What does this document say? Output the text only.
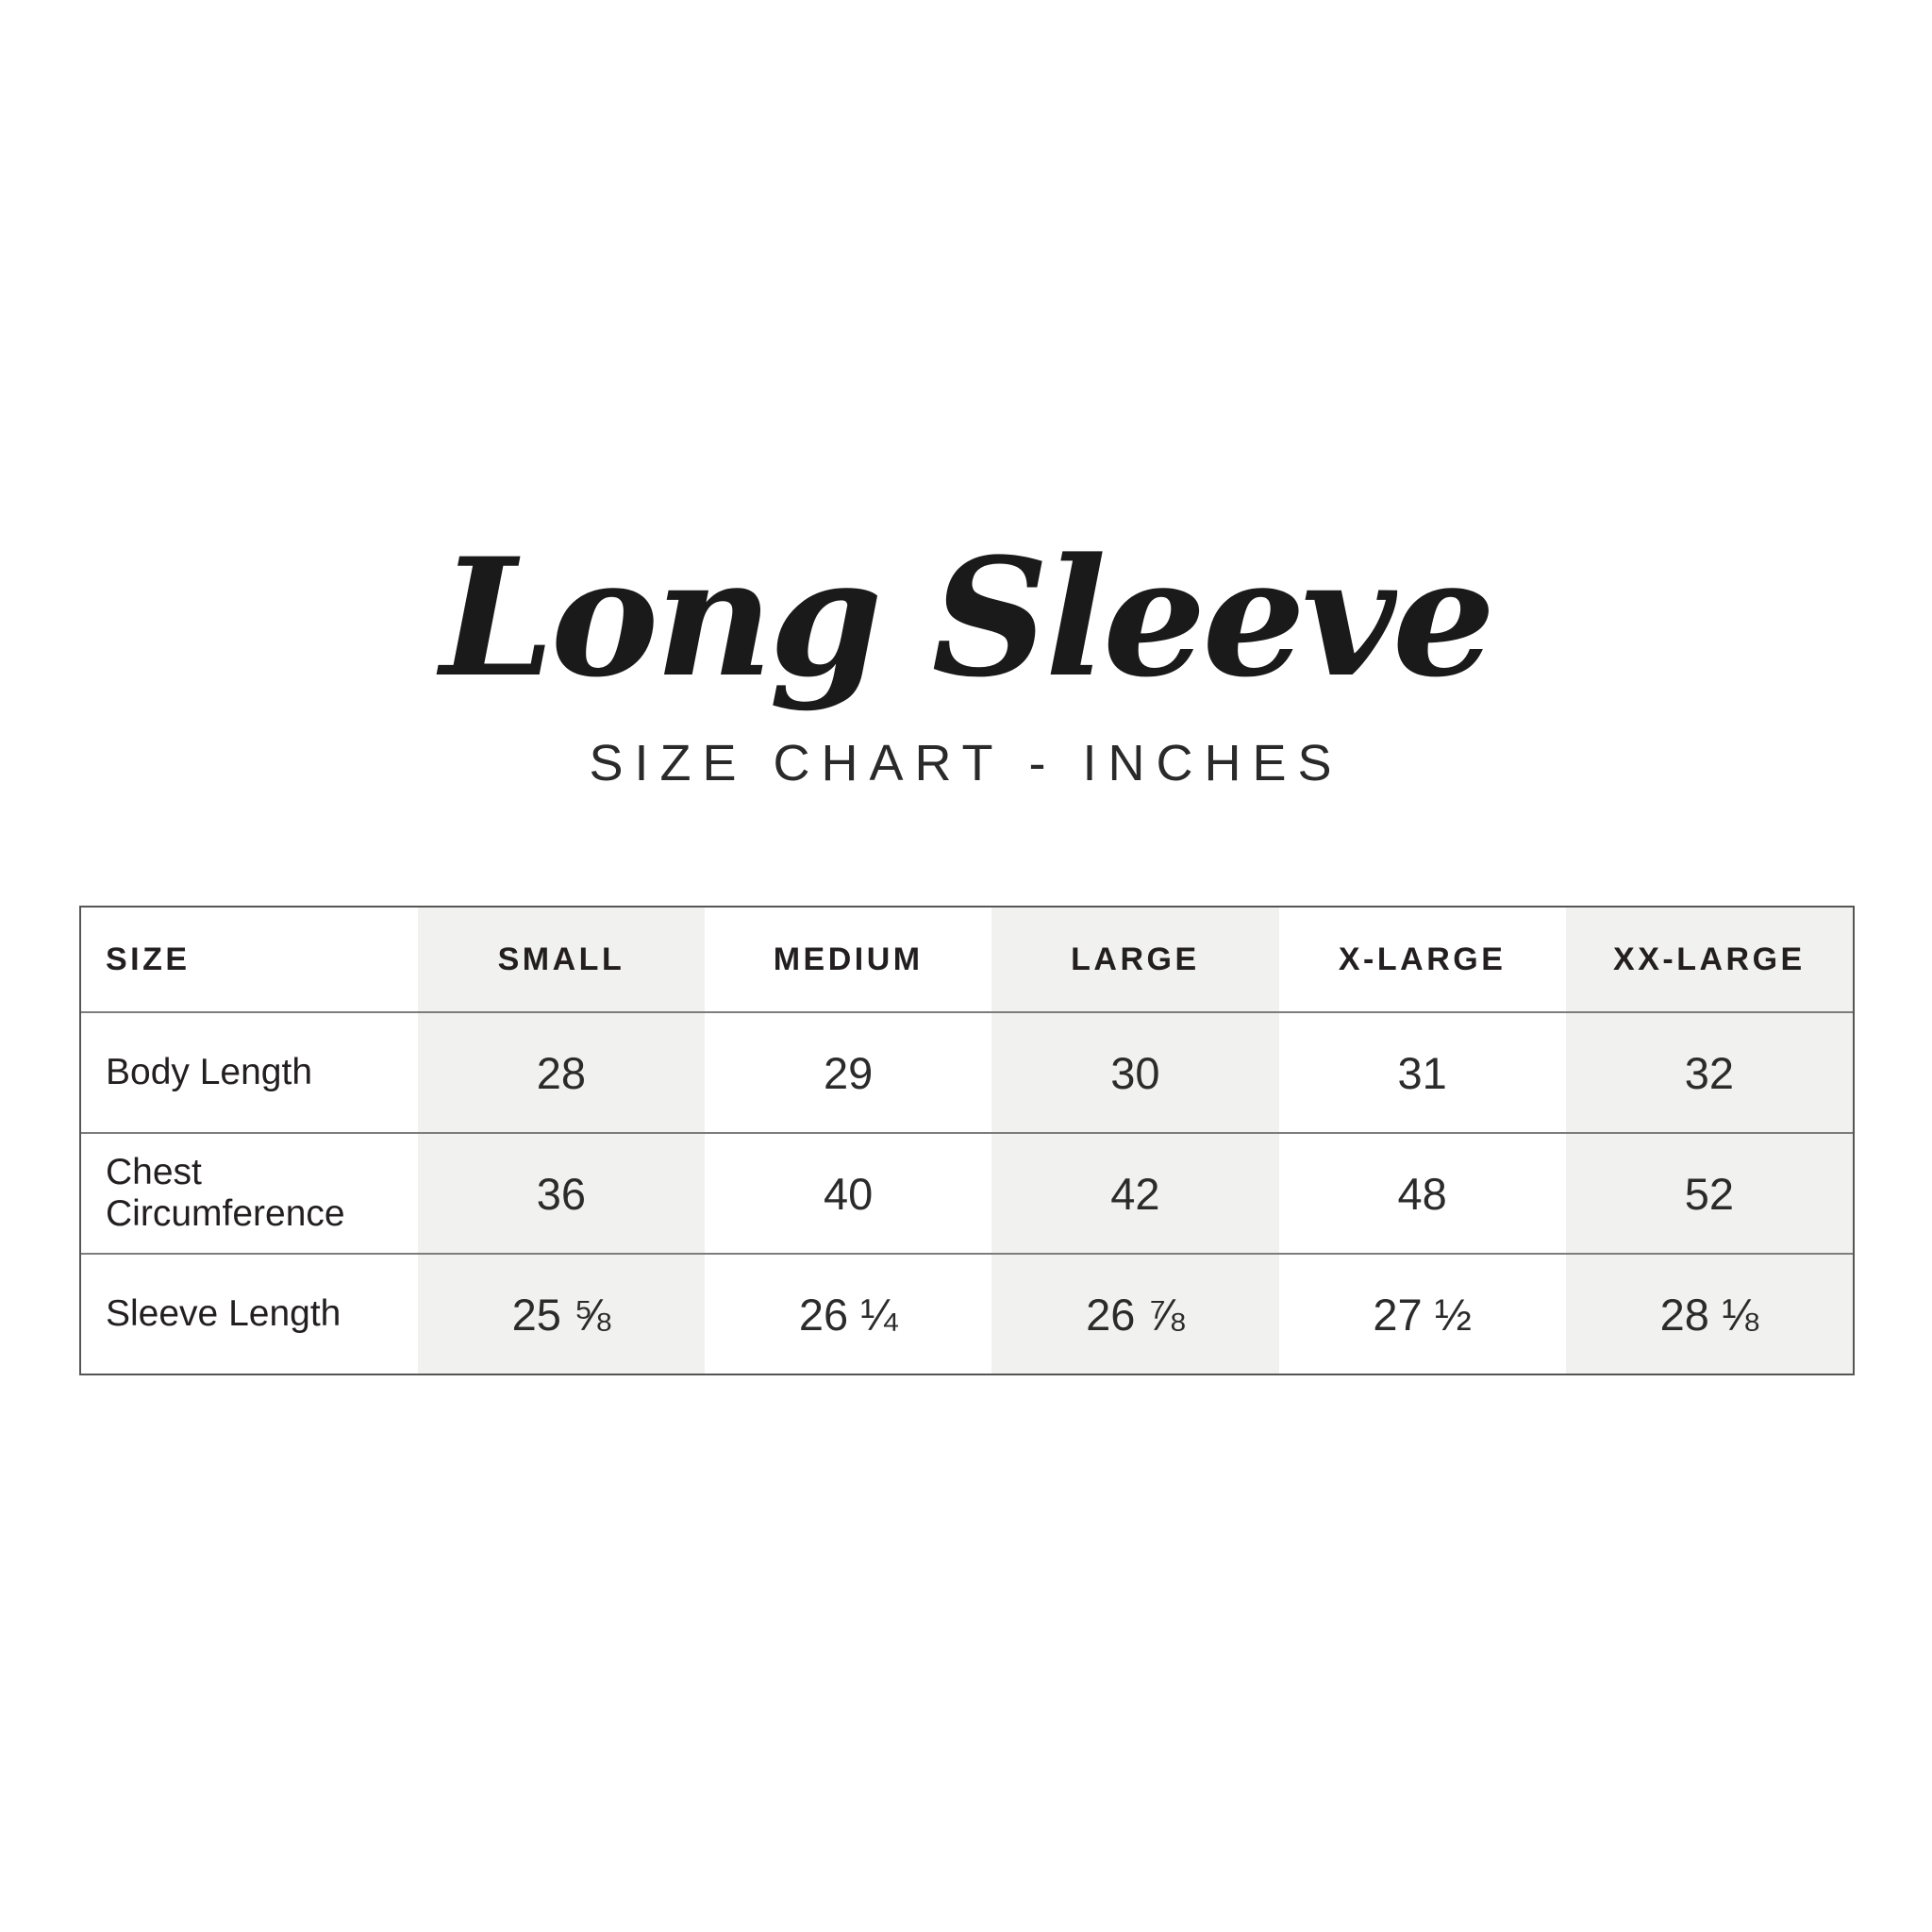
Long Sleeve
SIZE CHART - INCHES
SIZE	SMALL	MEDIUM	LARGE	X-LARGE	XX-LARGE
Body Length	28	29	30	31	32
Chest Circumference	36	40	42	48	52
Sleeve Length	25 ⅝	26 ¼	26 ⅞	27 ½	28 ⅛
